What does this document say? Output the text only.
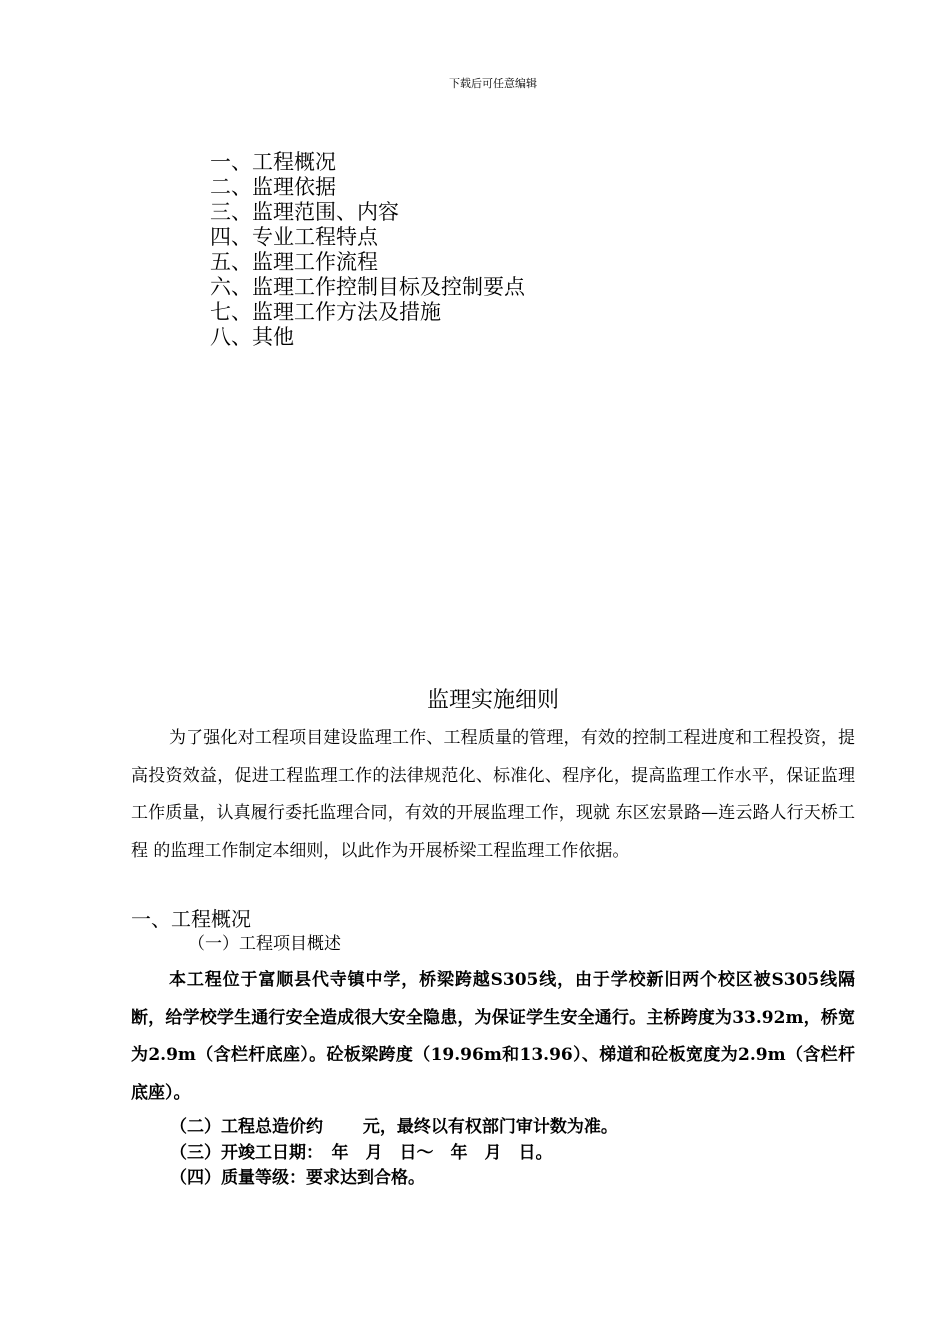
下载后可任意编辑
一、工程概况
二、监理依据
三、监理范围、内容
四、专业工程特点
五、监理工作流程
六、监理工作控制目标及控制要点
七、监理工作方法及措施
八、其他
监理实施细则

为了强化对工程项目建设监理工作、工程质量的管理，有效的控制工程进度和工程投资，提高投资效益，促进工程监理工作的法律规范化、标准化、程序化，提高监理工作水平，保证监理工作质量，认真履行委托监理合同，有效的开展监理工作，现就 东区宏景路—连云路人行天桥工程 的监理工作制定本细则，以此作为开展桥梁工程监理工作依据。

一、工程概况
（一）工程项目概述

本工程位于富顺县代寺镇中学，桥梁跨越S305线，由于学校新旧两个校区被S305线隔断，给学校学生通行安全造成很大安全隐患，为保证学生安全通行。主桥跨度为33.92m，桥宽为2.9m（含栏杆底座）。砼板梁跨度（19.96m和13.96）、梯道和砼板宽度为2.9m（含栏杆底座）。

（二）工程总造价约　　 元，最终以有权部门审计数为准。
（三）开竣工日期：　年　月　日～　年　月　日。
（四）质量等级：要求达到合格。
